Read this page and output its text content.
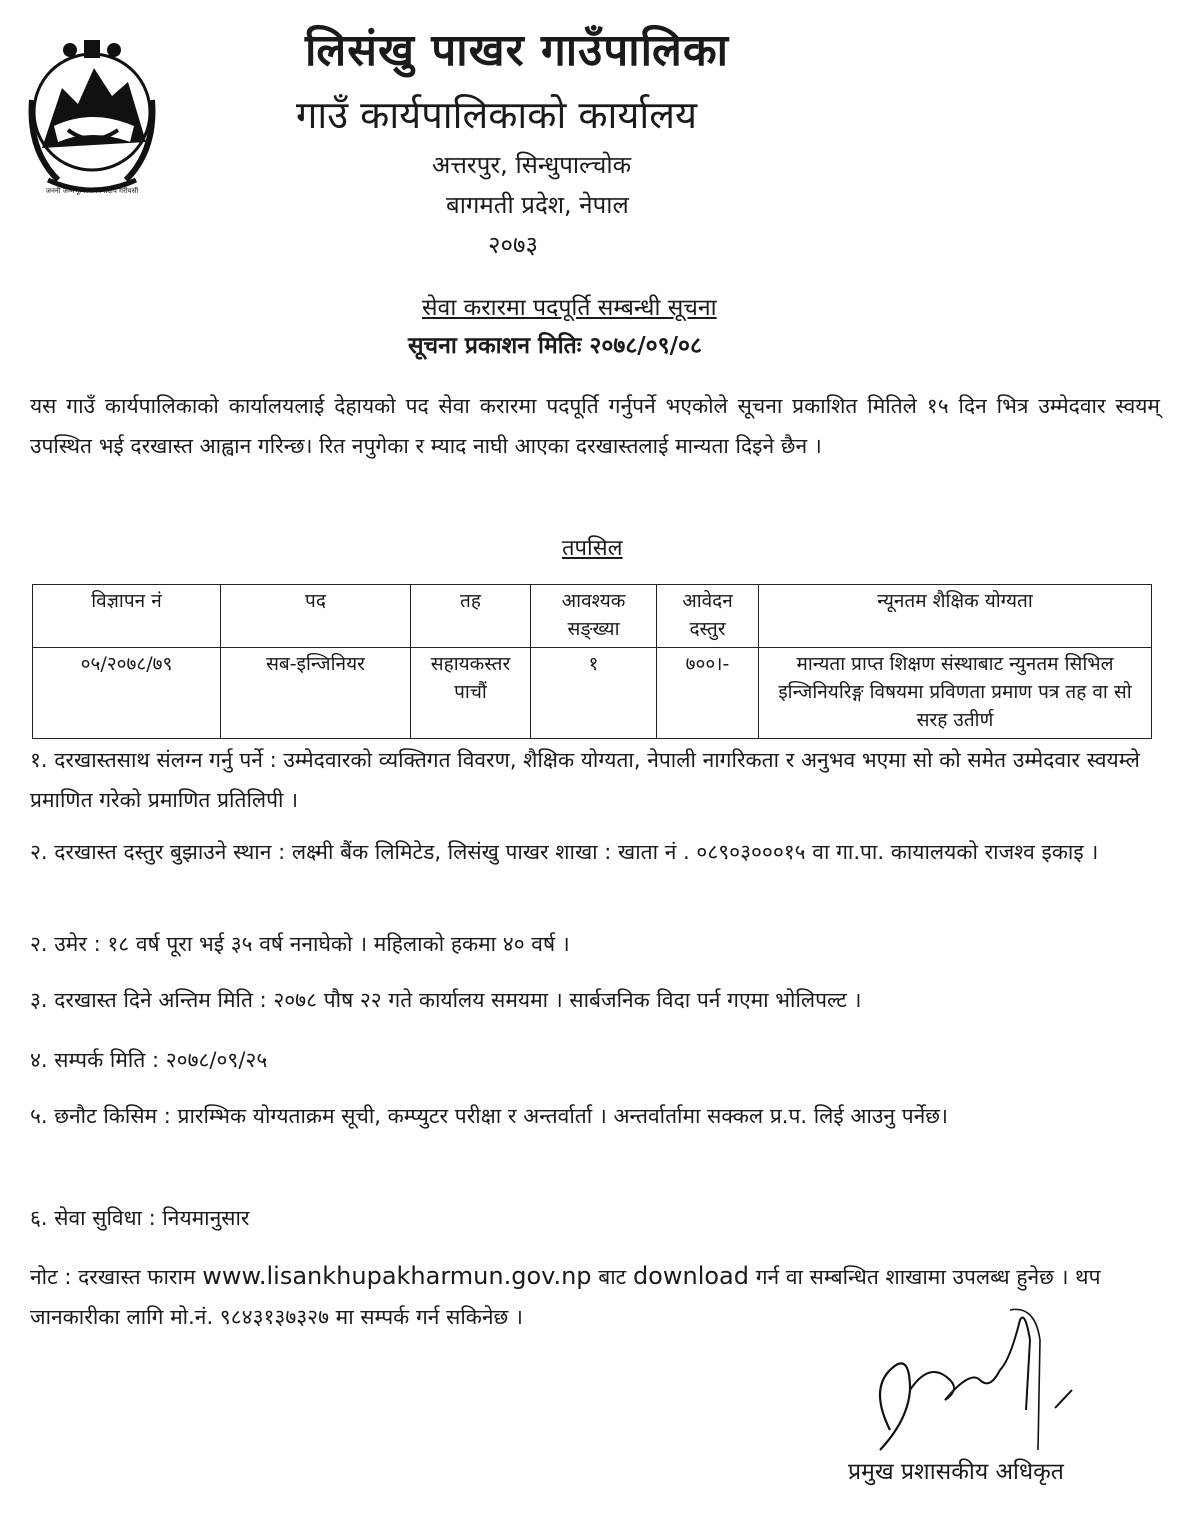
जननी जन्मभूमिश्च स्वर्गादपि गरीयसी
लिसंखु पाखर गाउँपालिका
गाउँ कार्यपालिकाको कार्यालय
अत्तरपुर, सिन्धुपाल्चोक
बागमती प्रदेश, नेपाल
२०७३
सेवा करारमा पदपूर्ति सम्बन्धी सूचना
सूचना प्रकाशन मितिः २०७८/०९/०८
यस गाउँ कार्यपालिकाको कार्यालयलाई देहायको पद सेवा करारमा पदपूर्ति गर्नुपर्ने भएकोले सूचना प्रकाशित मितिले १५ दिन भित्र उम्मेदवार स्वयम् उपस्थित भई दरखास्त आह्वान गरिन्छ। रित नपुगेका र म्याद नाघी आएका दरखास्तलाई मान्यता दिइने छैन ।
तपसिल
विज्ञापन नं	पद	तह	आवश्यक सङ्ख्या	आवेदन दस्तुर	न्यूनतम शैक्षिक योग्यता
०५/२०७८/७९	सब-इन्जिनियर	सहायकस्तर पाचौं	१	७००।-	मान्यता प्राप्त शिक्षण संस्थाबाट न्युनतम सिभिल इन्जिनियरिङ्ग विषयमा प्रविणता प्रमाण पत्र तह वा सो सरह उतीर्ण
१. दरखास्तसाथ संलग्न गर्नु पर्ने : उम्मेदवारको व्यक्तिगत विवरण, शैक्षिक योग्यता, नेपाली नागरिकता र अनुभव भएमा सो को समेत उम्मेदवार स्वयम्ले प्रमाणित गरेको प्रमाणित प्रतिलिपी ।
२. दरखास्त दस्तुर बुझाउने स्थान : लक्ष्मी बैंक लिमिटेड, लिसंखु पाखर शाखा : खाता नं . ०८९०३०००१५ वा गा.पा. कायालयको राजश्व इकाइ ।
२. उमेर : १८ वर्ष पूरा भई ३५ वर्ष ननाघेको । महिलाको हकमा ४० वर्ष ।
३. दरखास्त दिने अन्तिम मिति : २०७८ पौष २२ गते कार्यालय समयमा । सार्बजनिक विदा पर्न गएमा भोलिपल्ट ।
४. सम्पर्क मिति : २०७८/०९/२५
५. छनौट किसिम : प्रारम्भिक योग्यताक्रम सूची, कम्प्युटर परीक्षा र अन्तर्वार्ता । अन्तर्वार्तामा सक्कल प्र.प. लिई आउनु पर्नेछ।
६. सेवा सुविधा : नियमानुसार
नोट : दरखास्त फाराम www.lisankhupakharmun.gov.np बाट download गर्न वा सम्बन्धित शाखामा उपलब्ध हुनेछ । थप जानकारीका लागि मो.नं. ९८४३१३७३२७ मा सम्पर्क गर्न सकिनेछ ।
प्रमुख प्रशासकीय अधिकृत
